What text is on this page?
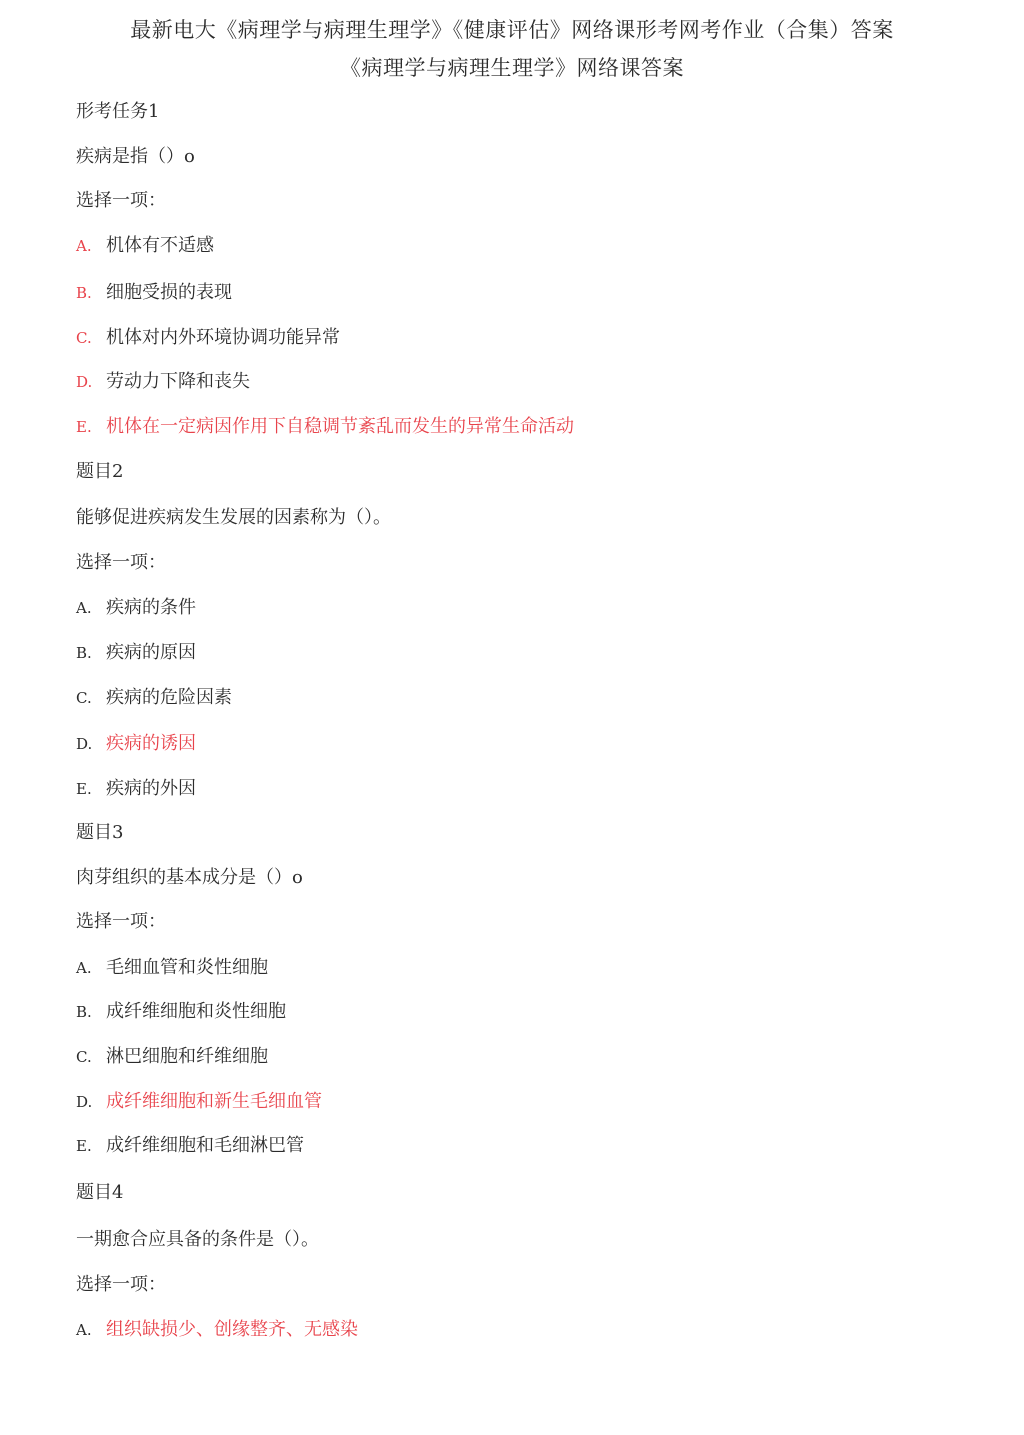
最新电大《病理学与病理生理学》《健康评估》网络课形考网考作业（合集）答案
《病理学与病理生理学》网络课答案
形考任务1
疾病是指（）o
选择一项：
A. 机体有不适感
B. 细胞受损的表现
C. 机体对内外环境协调功能异常
D. 劳动力下降和丧失
E. 机体在一定病因作用下自稳调节紊乱而发生的异常生命活动
题目2
能够促进疾病发生发展的因素称为（）。
选择一项：
A. 疾病的条件
B. 疾病的原因
C. 疾病的危险因素
D. 疾病的诱因
E. 疾病的外因
题目3
肉芽组织的基本成分是（）o
选择一项：
A. 毛细血管和炎性细胞
B. 成纤维细胞和炎性细胞
C. 淋巴细胞和纤维细胞
D. 成纤维细胞和新生毛细血管
E. 成纤维细胞和毛细淋巴管
题目4
一期愈合应具备的条件是（）。
选择一项：
A. 组织缺损少、创缘整齐、无感染
